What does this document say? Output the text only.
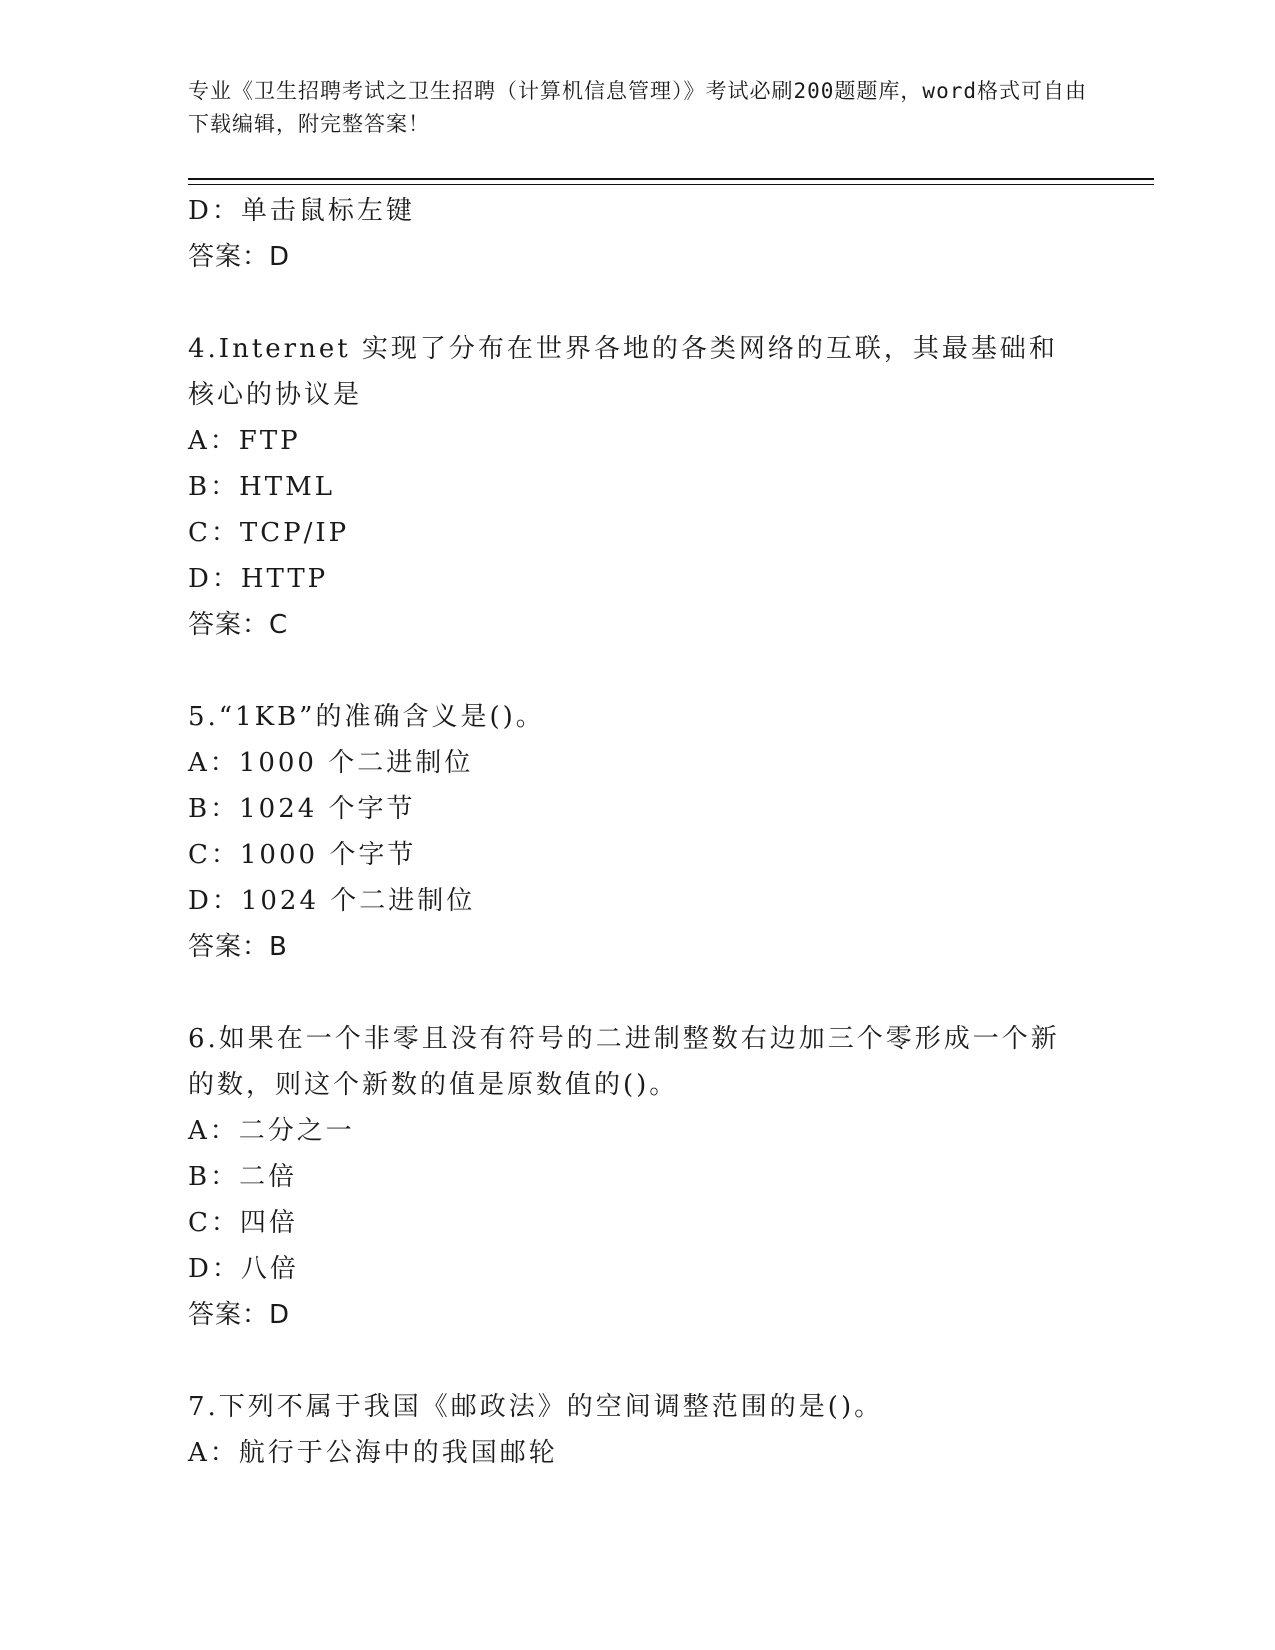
专业《卫生招聘考试之卫生招聘（计算机信息管理）》考试必刷200题题库，word格式可自由下载编辑，附完整答案！
D：单击鼠标左键
答案：D
4.Internet 实现了分布在世界各地的各类网络的互联，其最基础和核心的协议是
A：FTP
B：HTML
C：TCP/IP
D：HTTP
答案：C
5.“1KB”的准确含义是()。
A：1000 个二进制位
B：1024 个字节
C：1000 个字节
D：1024 个二进制位
答案：B
6.如果在一个非零且没有符号的二进制整数右边加三个零形成一个新的数，则这个新数的值是原数值的()。
A：二分之一
B：二倍
C：四倍
D：八倍
答案：D
7.下列不属于我国《邮政法》的空间调整范围的是()。
A：航行于公海中的我国邮轮
